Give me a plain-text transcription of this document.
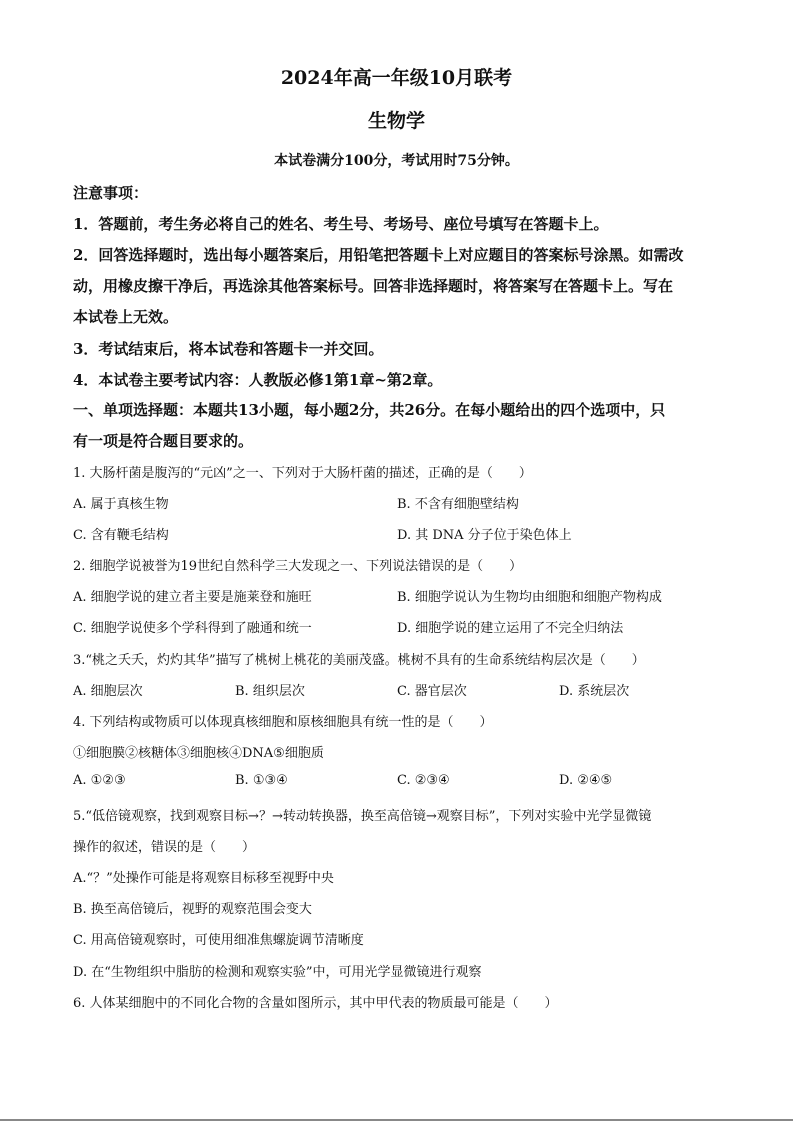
2024年高一年级10月联考
生物学
本试卷满分100分，考试用时75分钟。
注意事项：
1．答题前，考生务必将自己的姓名、考生号、考场号、座位号填写在答题卡上。
2．回答选择题时，选出每小题答案后，用铅笔把答题卡上对应题目的答案标号涂黑。如需改
动，用橡皮擦干净后，再选涂其他答案标号。回答非选择题时，将答案写在答题卡上。写在
本试卷上无效。
3．考试结束后，将本试卷和答题卡一并交回。
4．本试卷主要考试内容：人教版必修1第1章~第2章。
一、单项选择题：本题共13小题，每小题2分，共26分。在每小题给出的四个选项中，只
有一项是符合题目要求的。
1. 大肠杆菌是腹泻的“元凶”之一、下列对于大肠杆菌的描述，正确的是（　　）
A. 属于真核生物	B. 不含有细胞壁结构
C. 含有鞭毛结构	D. 其 DNA 分子位于染色体上
2. 细胞学说被誉为19世纪自然科学三大发现之一、下列说法错误的是（　　）
A. 细胞学说的建立者主要是施莱登和施旺	B. 细胞学说认为生物均由细胞和细胞产物构成
C. 细胞学说使多个学科得到了融通和统一	D. 细胞学说的建立运用了不完全归纳法
3.“桃之夭夭，灼灼其华”描写了桃树上桃花的美丽茂盛。桃树不具有的生命系统结构层次是（　　）
A. 细胞层次	B. 组织层次	C. 器官层次	D. 系统层次
4. 下列结构或物质可以体现真核细胞和原核细胞具有统一性的是（　　）
①细胞膜②核糖体③细胞核④DNA⑤细胞质
A. ①②③	B. ①③④	C. ②③④	D. ②④⑤
5.“低倍镜观察，找到观察目标→？→转动转换器，换至高倍镜→观察目标”，下列对实验中光学显微镜
操作的叙述，错误的是（　　）
A.“？”处操作可能是将观察目标移至视野中央
B. 换至高倍镜后，视野的观察范围会变大
C. 用高倍镜观察时，可使用细准焦螺旋调节清晰度
D. 在“生物组织中脂肪的检测和观察实验”中，可用光学显微镜进行观察
6. 人体某细胞中的不同化合物的含量如图所示，其中甲代表的物质最可能是（　　）
